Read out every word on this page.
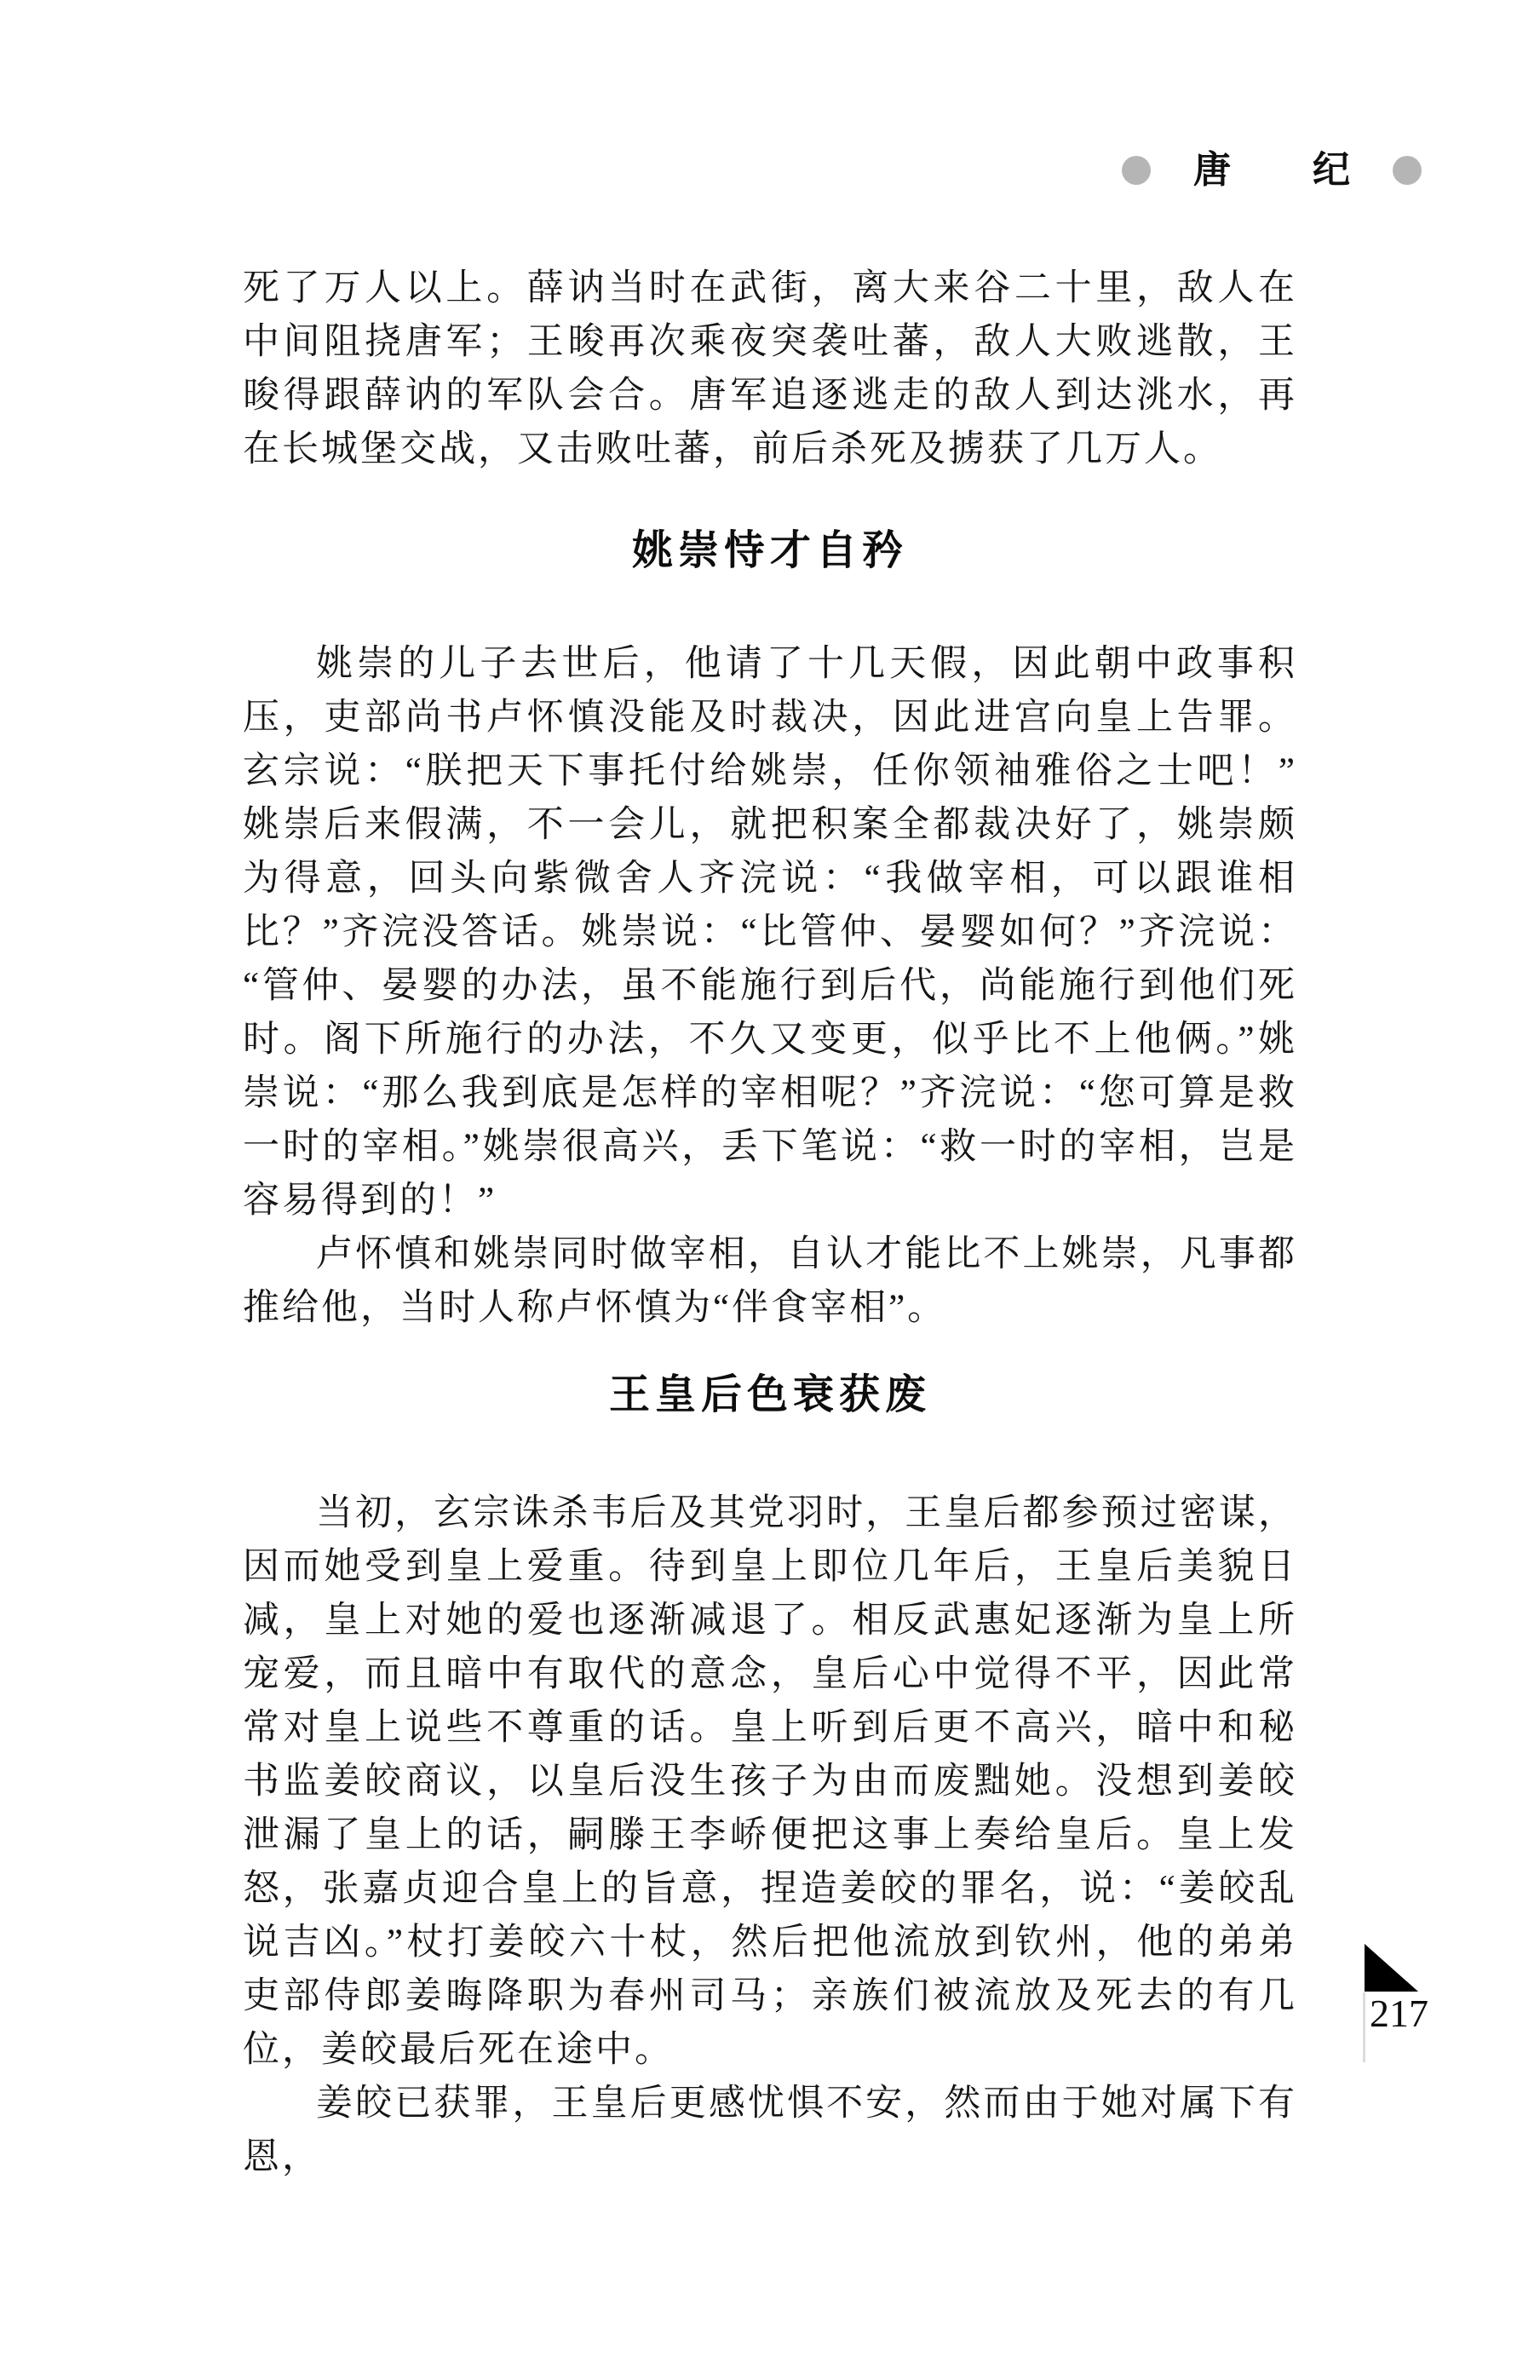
唐 纪

死了万人以上。薛讷当时在武街，离大来谷二十里，敌人在中间阻挠唐军；王晙再次乘夜突袭吐蕃，敌人大败逃散，王晙得跟薛讷的军队会合。唐军追逐逃走的敌人到达洮水，再在长城堡交战，又击败吐蕃，前后杀死及掳获了几万人。

姚崇恃才自矜

姚崇的儿子去世后，他请了十几天假，因此朝中政事积压，吏部尚书卢怀慎没能及时裁决，因此进宫向皇上告罪。玄宗说：“朕把天下事托付给姚崇，任你领袖雅俗之士吧！”姚崇后来假满，不一会儿，就把积案全都裁决好了，姚崇颇为得意，回头向紫微舍人齐浣说：“我做宰相，可以跟谁相比？”齐浣没答话。姚崇说：“比管仲、晏婴如何？”齐浣说：“管仲、晏婴的办法，虽不能施行到后代，尚能施行到他们死时。阁下所施行的办法，不久又变更，似乎比不上他俩。”姚崇说：“那么我到底是怎样的宰相呢？”齐浣说：“您可算是救一时的宰相。”姚崇很高兴，丢下笔说：“救一时的宰相，岂是容易得到的！”

卢怀慎和姚崇同时做宰相，自认才能比不上姚崇，凡事都推给他，当时人称卢怀慎为“伴食宰相”。

王皇后色衰获废

当初，玄宗诛杀韦后及其党羽时，王皇后都参预过密谋，因而她受到皇上爱重。待到皇上即位几年后，王皇后美貌日减，皇上对她的爱也逐渐减退了。相反武惠妃逐渐为皇上所宠爱，而且暗中有取代的意念，皇后心中觉得不平，因此常常对皇上说些不尊重的话。皇上听到后更不高兴，暗中和秘书监姜皎商议，以皇后没生孩子为由而废黜她。没想到姜皎泄漏了皇上的话，嗣滕王李峤便把这事上奏给皇后。皇上发怒，张嘉贞迎合皇上的旨意，捏造姜皎的罪名，说：“姜皎乱说吉凶。”杖打姜皎六十杖，然后把他流放到钦州，他的弟弟吏部侍郎姜晦降职为春州司马；亲族们被流放及死去的有几位，姜皎最后死在途中。

姜皎已获罪，王皇后更感忧惧不安，然而由于她对属下有恩，

217
